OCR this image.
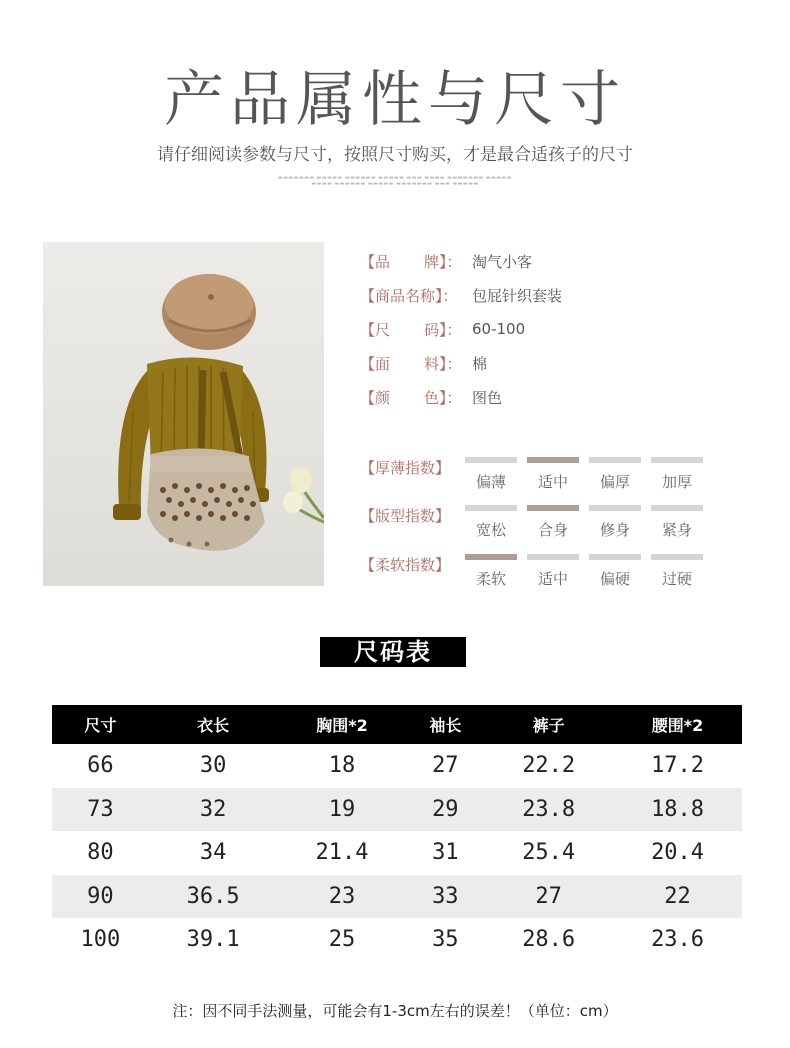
产品属性与尺寸
请仔细阅读参数与尺寸，按照尺寸购买，才是最合适孩子的尺寸
▬▬▬▬▬▬▬ ▬▬▬▬▬ ▬▬▬▬▬▬ ▬▬▬▬▬ ▬▬▬ ▬▬▬▬ ▬▬▬▬▬▬▬ ▬▬▬▬▬
▬▬▬▬ ▬▬▬▬▬▬ ▬▬▬▬▬ ▬▬▬▬▬▬▬ ▬▬▬ ▬▬▬▬▬
【品 牌】： 淘气小客
【商品名称】： 包屁针织套装
【尺 码】： 60-100
【面 料】： 棉
【颜 色】： 图色
【厚薄指数】
偏薄	适中	偏厚	加厚
【版型指数】
宽松	合身	修身	紧身
【柔软指数】
柔软	适中	偏硬	过硬
尺码表
尺寸	衣长	胸围*2	袖长	裤子	腰围*2
66	30	18	27	22.2	17.2
73	32	19	29	23.8	18.8
80	34	21.4	31	25.4	20.4
90	36.5	23	33	27	22
100	39.1	25	35	28.6	23.6
注：因不同手法测量，可能会有1-3cm左右的误差！（单位：cm）
